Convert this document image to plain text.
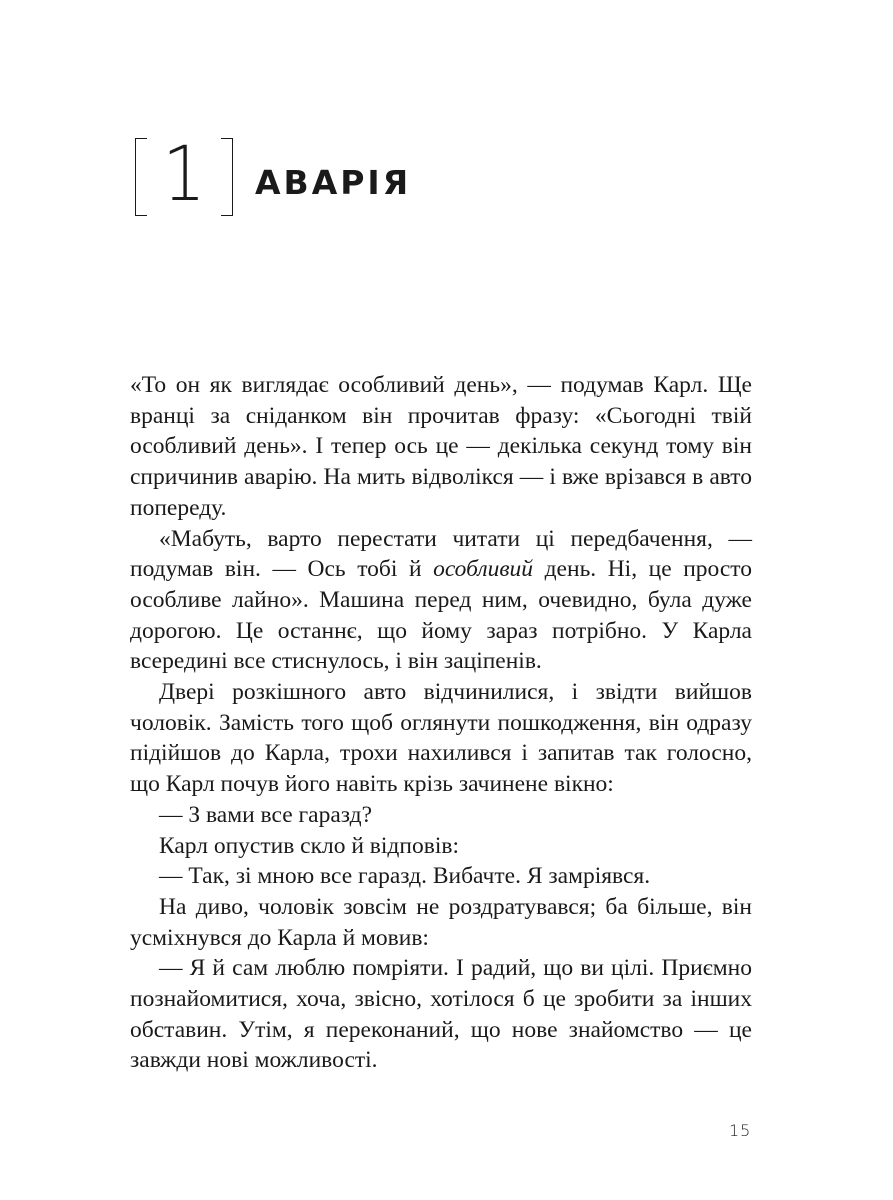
1	АВАРІЯ

«То он як виглядає особливий день», — подумав Карл. Ще вранці за сніданком він прочитав фразу: «Сьогодні твій особливий день». І тепер ось це — декілька секунд тому він спричинив аварію. На мить відволікся — і вже врізався в авто попереду.

«Мабуть, варто перестати читати ці передбачення, — подумав він. — Ось тобі й особливий день. Ні, це просто особливе лайно». Машина перед ним, очевидно, була дуже дорогою. Це останнє, що йому зараз потрібно. У Карла всередині все стиснулось, і він заціпенів.

Двері розкішного авто відчинилися, і звідти вийшов чоловік. Замість того щоб оглянути пошкодження, він одразу підійшов до Карла, трохи нахилився і запитав так голосно, що Карл почув його навіть крізь зачинене вікно:

— З вами все гаразд?

Карл опустив скло й відповів:

— Так, зі мною все гаразд. Вибачте. Я замріявся.

На диво, чоловік зовсім не роздратувався; ба більше, він усміхнувся до Карла й мовив:

— Я й сам люблю помріяти. І радий, що ви цілі. Приємно познайомитися, хоча, звісно, хотілося б це зробити за інших обставин. Утім, я переконаний, що нове знайомство — це завжди нові можливості.

15
